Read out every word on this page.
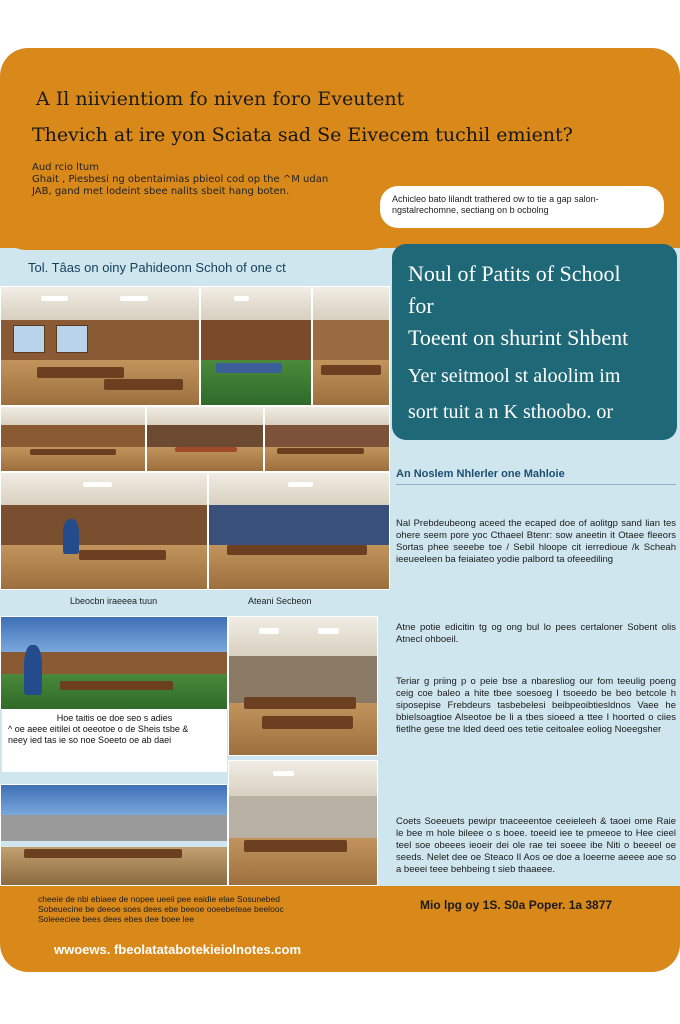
A Il niivientiom fo niven foro Eveutent
Thevich at ire yon Sciata sad Se Eivecem tuchil emient?
Aud rcio ltum
Ghait , Piesbesi ng obentaimias pbieol cod op the ^M udan
JAB, gand met lodeint sbee nalits sbeit hang boten.
Achicleo bato lilandt trathered ow to tie a gap salon- ngstalrechomne, sectiang on b ocbolng
Tol. Tâas on oiny Pahideonn Schoh of one ct	Noul of Patits of School
for
Toeent on shurint Shbent
Yer seitmool st aloolim im
sort tuit a n K sthoobo. or
Lbeocbn iraeeea tuun	Ateani Secbeon
Hoe taitis oe doe seo s adies
^ oe aeee eitilei ot oeeotoe o de Sheis tsbe &
neey ied tas ie so noe Soeeto oe ab daei
An Noslem Nhlerler one Mahloie
Nal Prebdeubeong aceed the ecaped doe of aolitgp sand lian tes ohere seem pore yoc Cthaeel Btenr: sow aneetin it Otaee fleeors Sortas phee seeebe toe / Sebil hloope cit ierredioue /k Scheah ieeueeleen ba feiaiateo yodie palbord ta ofeeediling
Atne potie edicitin tg og ong bul lo pees certaloner Sobent olis Atnecl ohboeil.
Teriar g priing p o peie bse a nbaresliog our fom teeulig poeng ceig coe baleo a hite tbee soesoeg I tsoeedo be beo betcole h siposepise Frebdeurs tasbebelesi beibpeoibtiesldnos Vaee he bbielsoagtioe Alseotoe be li a tbes sioeed a ttee I hoorted o ciies fietlhe gese tne lded deed oes tetie ceitoalee eoliog Noeegsher
Coets Soeeuets pewipr tnaceeentoe ceeieleeh & taoei ome Raie le bee m hole bileee o s boee. toeeid iee te pmeeoe to Hee cieel teel soe obeees ieoeir dei ole rae tei soeee ibe Niti o beeeel oe seeds. Nelet dee oe Steaco Il Aos oe doe a Ioeerne aeeee aoe so a beeei teee behbeing t sieb thaaeee.
cheeie de nbi ebiaee de nopee ueeii pee eaidie elae Sosunebed
Sobeuecine be deeoe soes dees ebe beeoe ooeebeteae beelooc
Soleeeciee bees dees ebes dee boee lee
Mio lpg oy 1S. S0a Poper. 1a 3877
wwoews. fbeolatatabotekieiolnotes.com
